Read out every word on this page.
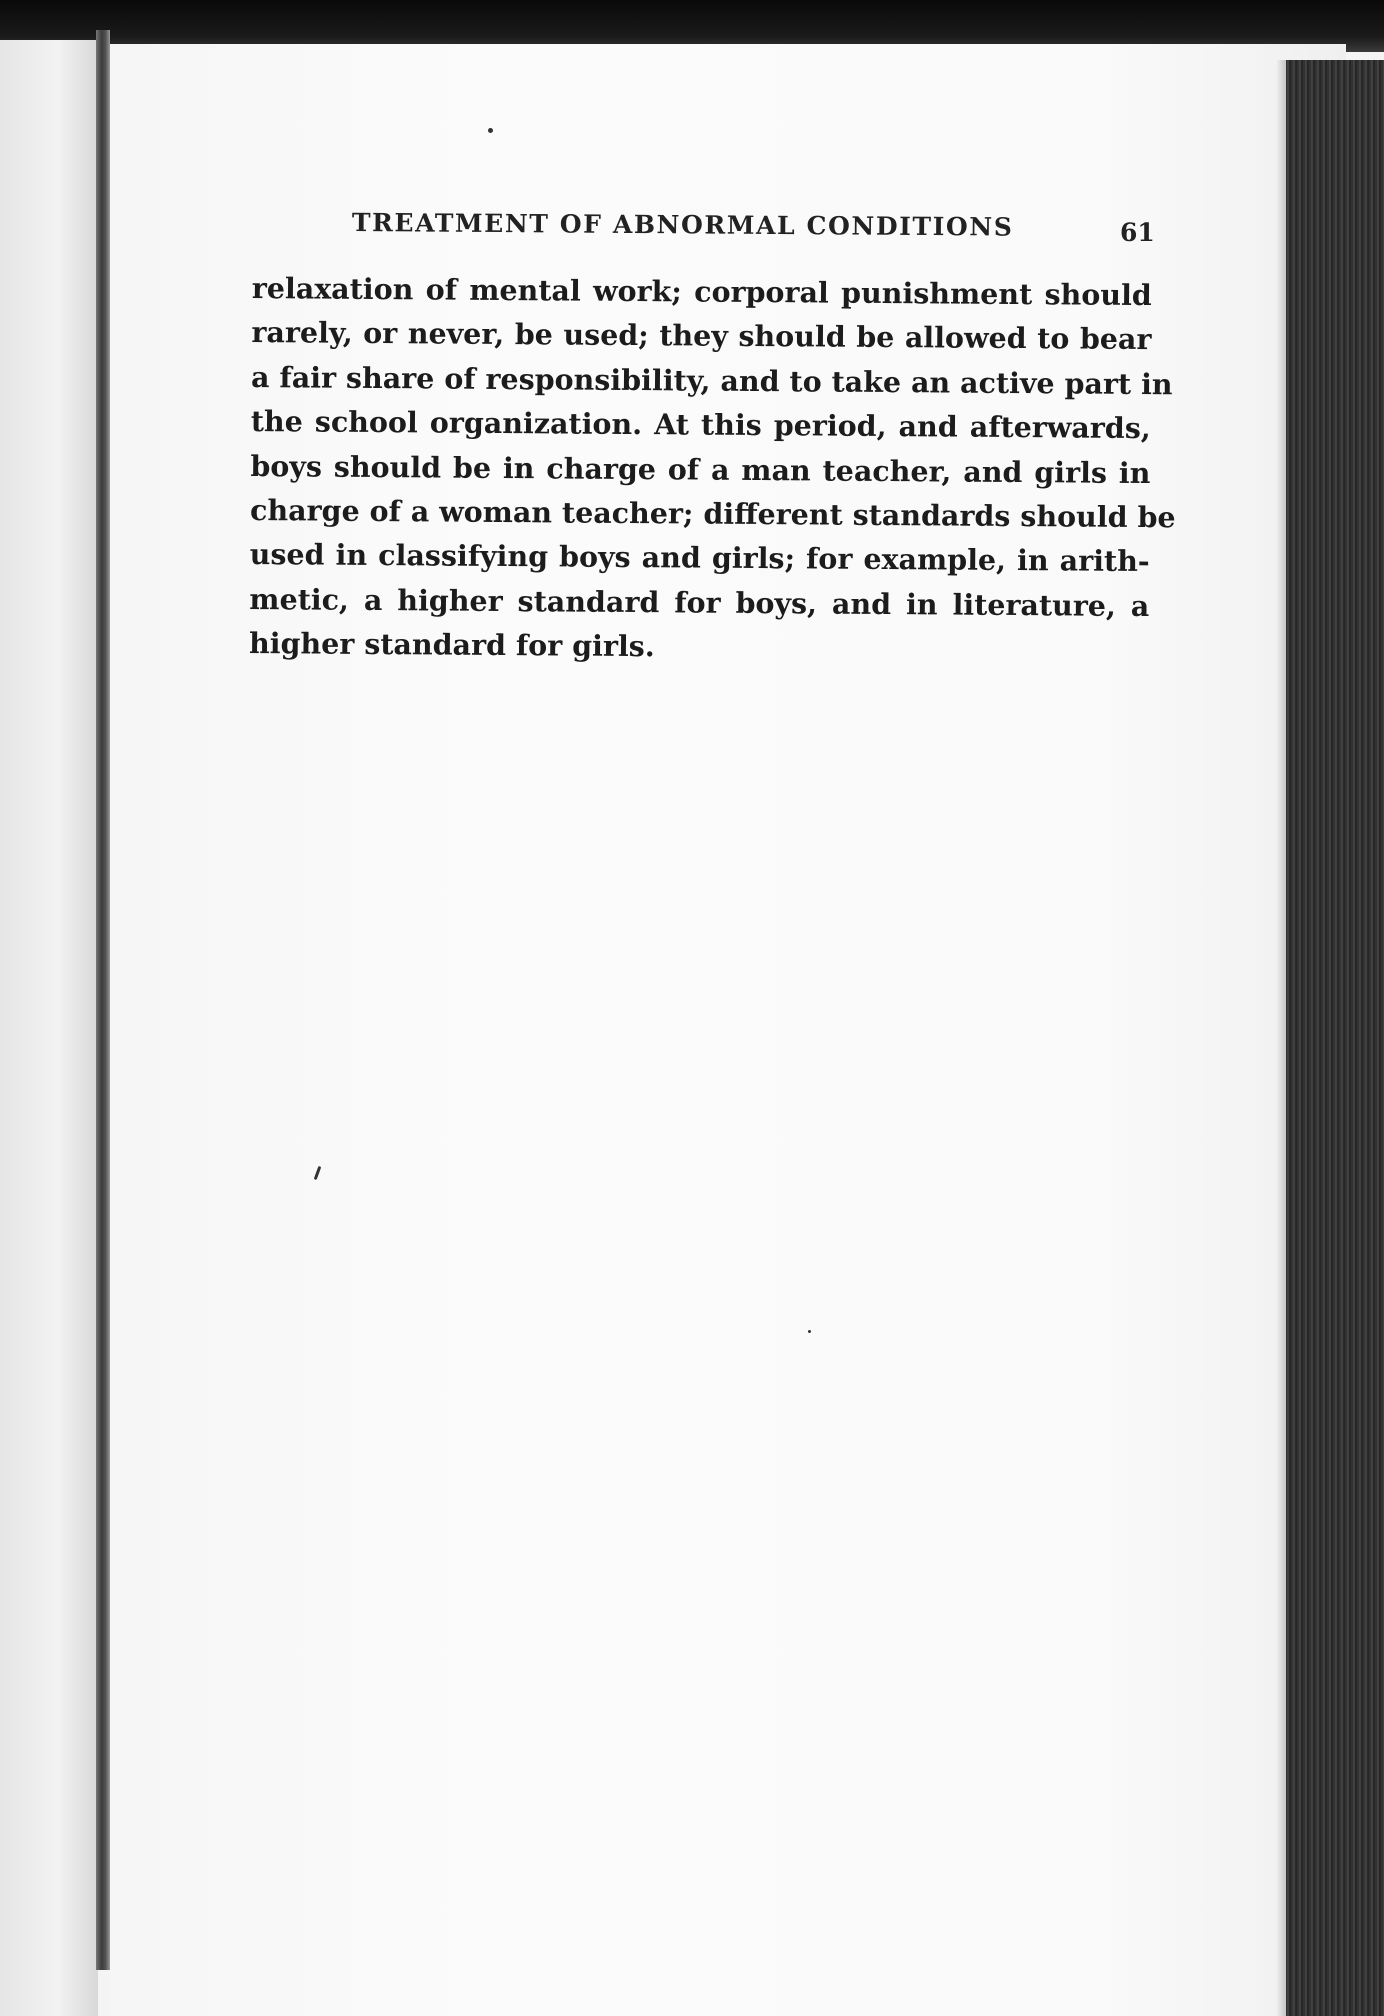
TREATMENT OF ABNORMAL CONDITIONS	61
relaxation of mental work; corporal punishment should
rarely, or never, be used; they should be allowed to bear
a fair share of responsibility, and to take an active part in
the school organization. At this period, and afterwards,
boys should be in charge of a man teacher, and girls in
charge of a woman teacher; different standards should be
used in classifying boys and girls; for example, in arith-
metic, a higher standard for boys, and in literature, a
higher standard for girls.
